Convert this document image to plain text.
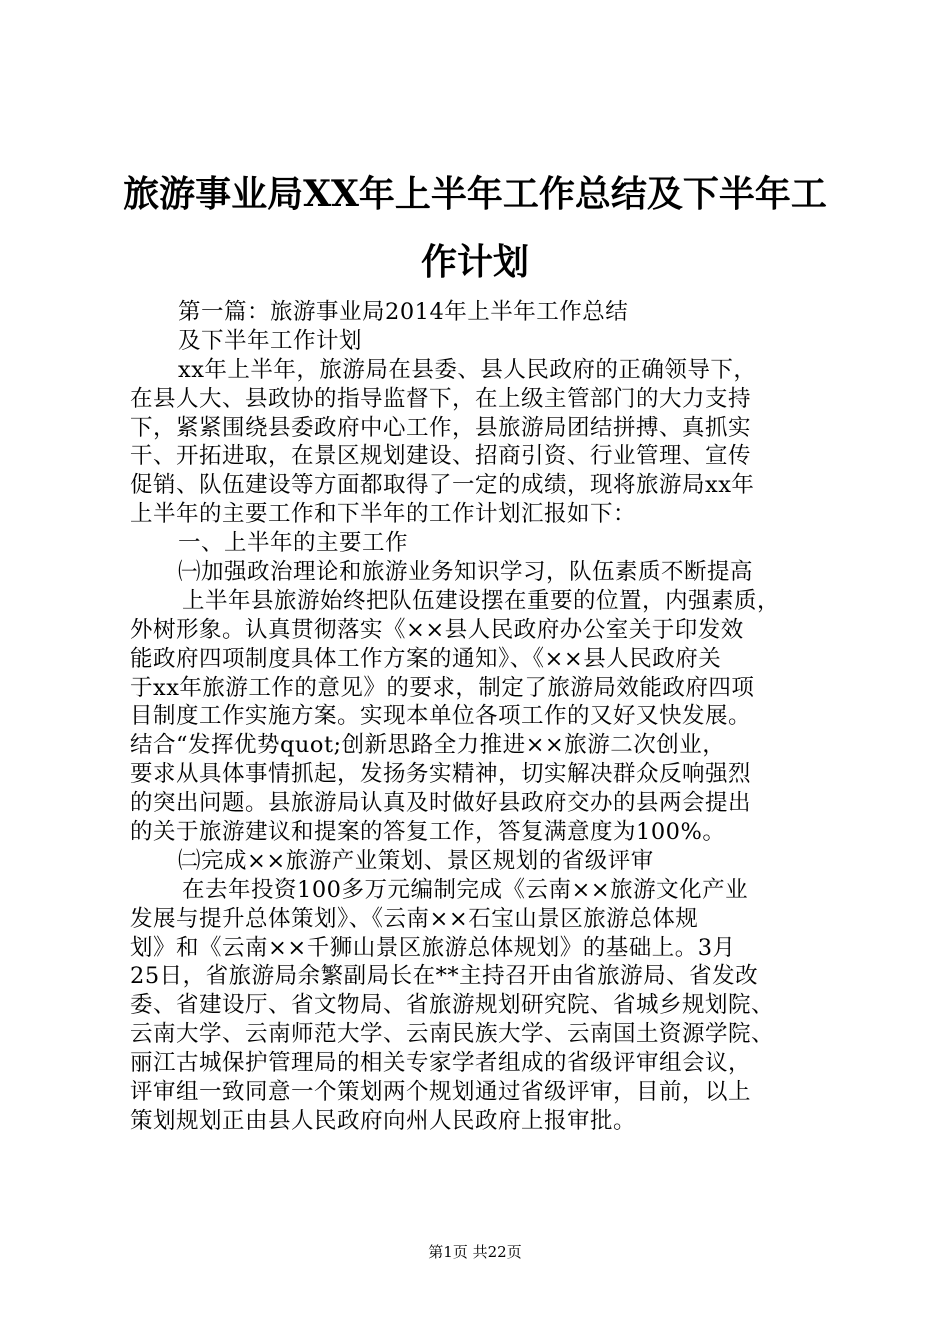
旅游事业局XX年上半年工作总结及下半年工
作计划
第一篇：旅游事业局2014年上半年工作总结
及下半年工作计划
xx年上半年，旅游局在县委、县人民政府的正确领导下，
在县人大、县政协的指导监督下，在上级主管部门的大力支持
下，紧紧围绕县委政府中心工作，县旅游局团结拼搏、真抓实
干、开拓进取，在景区规划建设、招商引资、行业管理、宣传
促销、队伍建设等方面都取得了一定的成绩，现将旅游局xx年
上半年的主要工作和下半年的工作计划汇报如下：
一、上半年的主要工作
㈠加强政治理论和旅游业务知识学习，队伍素质不断提高
上半年县旅游始终把队伍建设摆在重要的位置，内强素质，
外树形象。认真贯彻落实《××县人民政府办公室关于印发效
能政府四项制度具体工作方案的通知》、《××县人民政府关
于xx年旅游工作的意见》的要求，制定了旅游局效能政府四项
目制度工作实施方案。实现本单位各项工作的又好又快发展。
结合“发挥优势quot;创新思路全力推进××旅游二次创业，
要求从具体事情抓起，发扬务实精神，切实解决群众反响强烈
的突出问题。县旅游局认真及时做好县政府交办的县两会提出
的关于旅游建议和提案的答复工作，答复满意度为100%。
㈡完成××旅游产业策划、景区规划的省级评审
在去年投资100多万元编制完成《云南××旅游文化产业
发展与提升总体策划》、《云南××石宝山景区旅游总体规
划》和《云南××千狮山景区旅游总体规划》的基础上。3月
25日，省旅游局余繁副局长在**主持召开由省旅游局、省发改
委、省建设厅、省文物局、省旅游规划研究院、省城乡规划院、
云南大学、云南师范大学、云南民族大学、云南国土资源学院、
丽江古城保护管理局的相关专家学者组成的省级评审组会议，
评审组一致同意一个策划两个规划通过省级评审，目前，以上
策划规划正由县人民政府向州人民政府上报审批。
第1页 共22页
